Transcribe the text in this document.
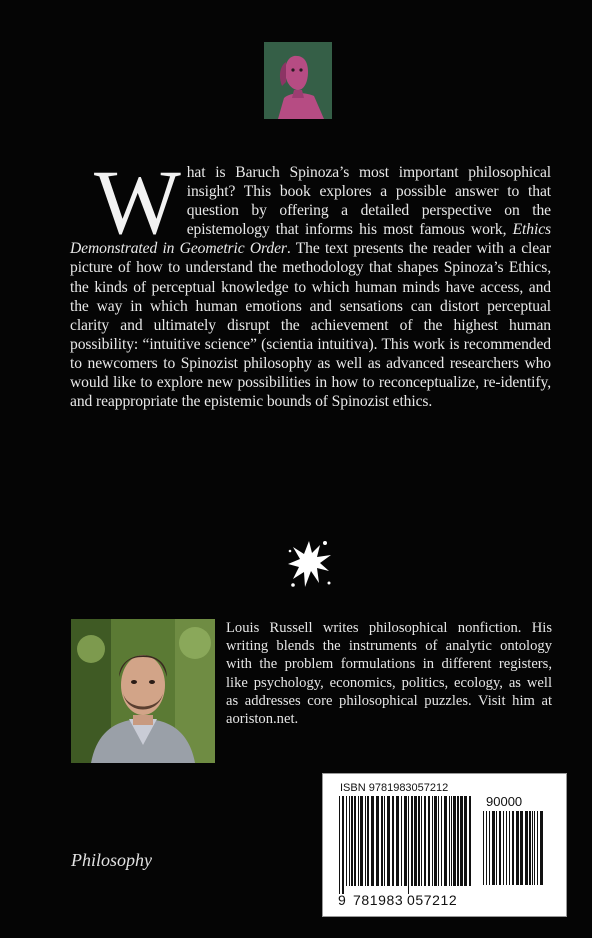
What is Baruch Spinoza’s most important philosophical insight? This book explores a possible answer to that question by offering a detailed perspective on the epistemology that informs his most famous work, Ethics Demonstrated in Geometric Order. The text presents the reader with a clear picture of how to understand the methodology that shapes Spinoza’s Ethics, the kinds of perceptual knowledge to which human minds have access, and the way in which human emotions and sensations can distort perceptual clarity and ultimately disrupt the achievement of the highest human possibility: “intuitive science” (scientia intuitiva). This work is recommended to newcomers to Spinozist philosophy as well as advanced researchers who would like to explore new possibilities in how to reconceptualize, re-identify, and reappropriate the epistemic bounds of Spinozist ethics.
Louis Russell writes philosophical nonfiction. His writing blends the instruments of analytic ontology with the problem formulations in different registers, like psychology, economics, politics, ecology, as well as addresses core philosophical puzzles. Visit him at aoriston.net.
Philosophy
ISBN 9781983057212
90000
9 781983 057212
